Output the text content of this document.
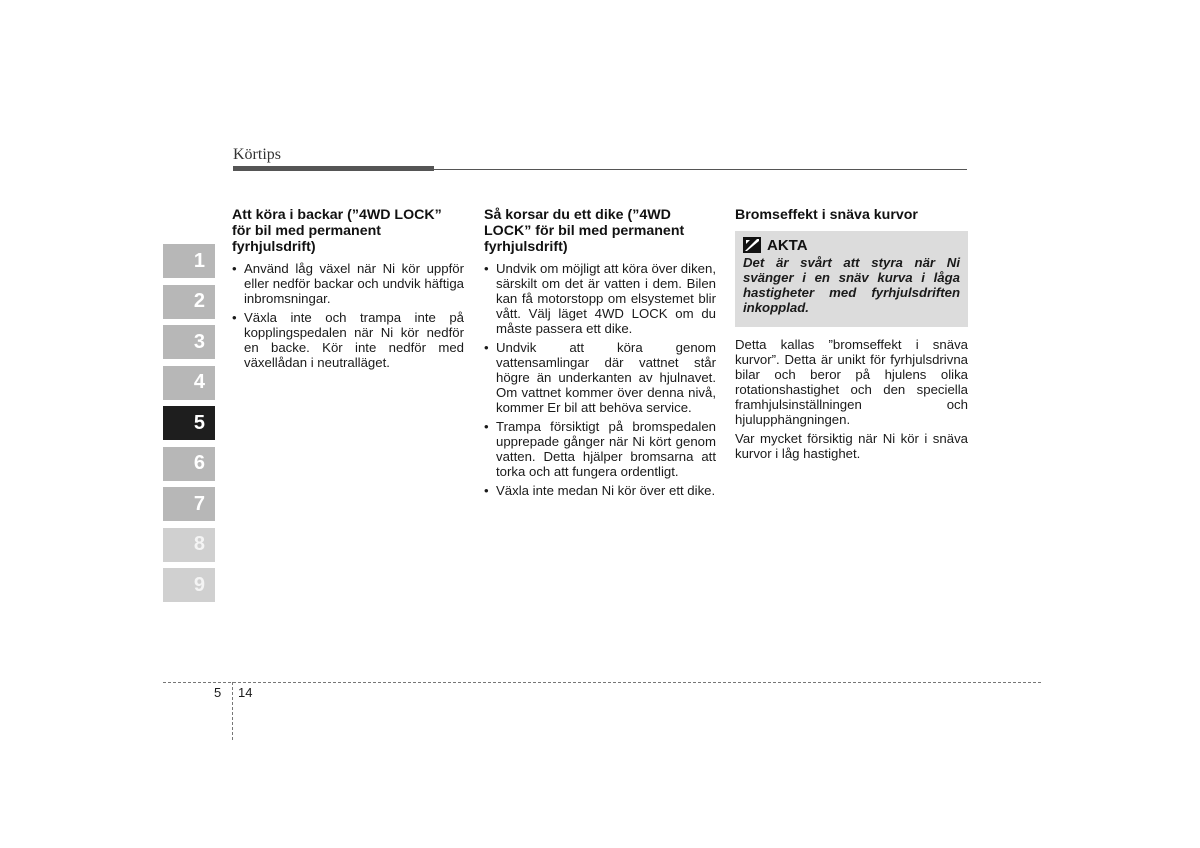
Körtips
1
2
3
4
5
6
7
8
9
Att köra i backar (”4WD LOCK” för bil med permanent fyrhjulsdrift)
• Använd låg växel när Ni kör uppför eller nedför backar och undvik häftiga inbromsningar.
• Växla inte och trampa inte på kopplingspedalen när Ni kör nedför en backe. Kör inte nedför med växellådan i neutralläget.
Så korsar du ett dike (”4WD LOCK” för bil med permanent fyrhjulsdrift)
• Undvik om möjligt att köra över diken, särskilt om det är vatten i dem. Bilen kan få motorstopp om elsystemet blir vått. Välj läget 4WD LOCK om du måste passera ett dike.
• Undvik att köra genom vattensamlingar där vattnet står högre än underkanten av hjulnavet. Om vattnet kommer över denna nivå, kommer Er bil att behöva service.
• Trampa försiktigt på bromspedalen upprepade gånger när Ni kört genom vatten. Detta hjälper bromsarna att torka och att fungera ordentligt.
• Växla inte medan Ni kör över ett dike.
Bromseffekt i snäva kurvor
AKTA

Det är svårt att styra när Ni svänger i en snäv kurva i låga hastigheter med fyrhjulsdriften inkopplad.

Detta kallas ”bromseffekt i snäva kurvor”. Detta är unikt för fyrhjulsdrivna bilar och beror på hjulens olika rotationshastighet och den speciella framhjulsinställningen och hjulupphängningen.

Var mycket försiktig när Ni kör i snäva kurvor i låg hastighet.

5 14
